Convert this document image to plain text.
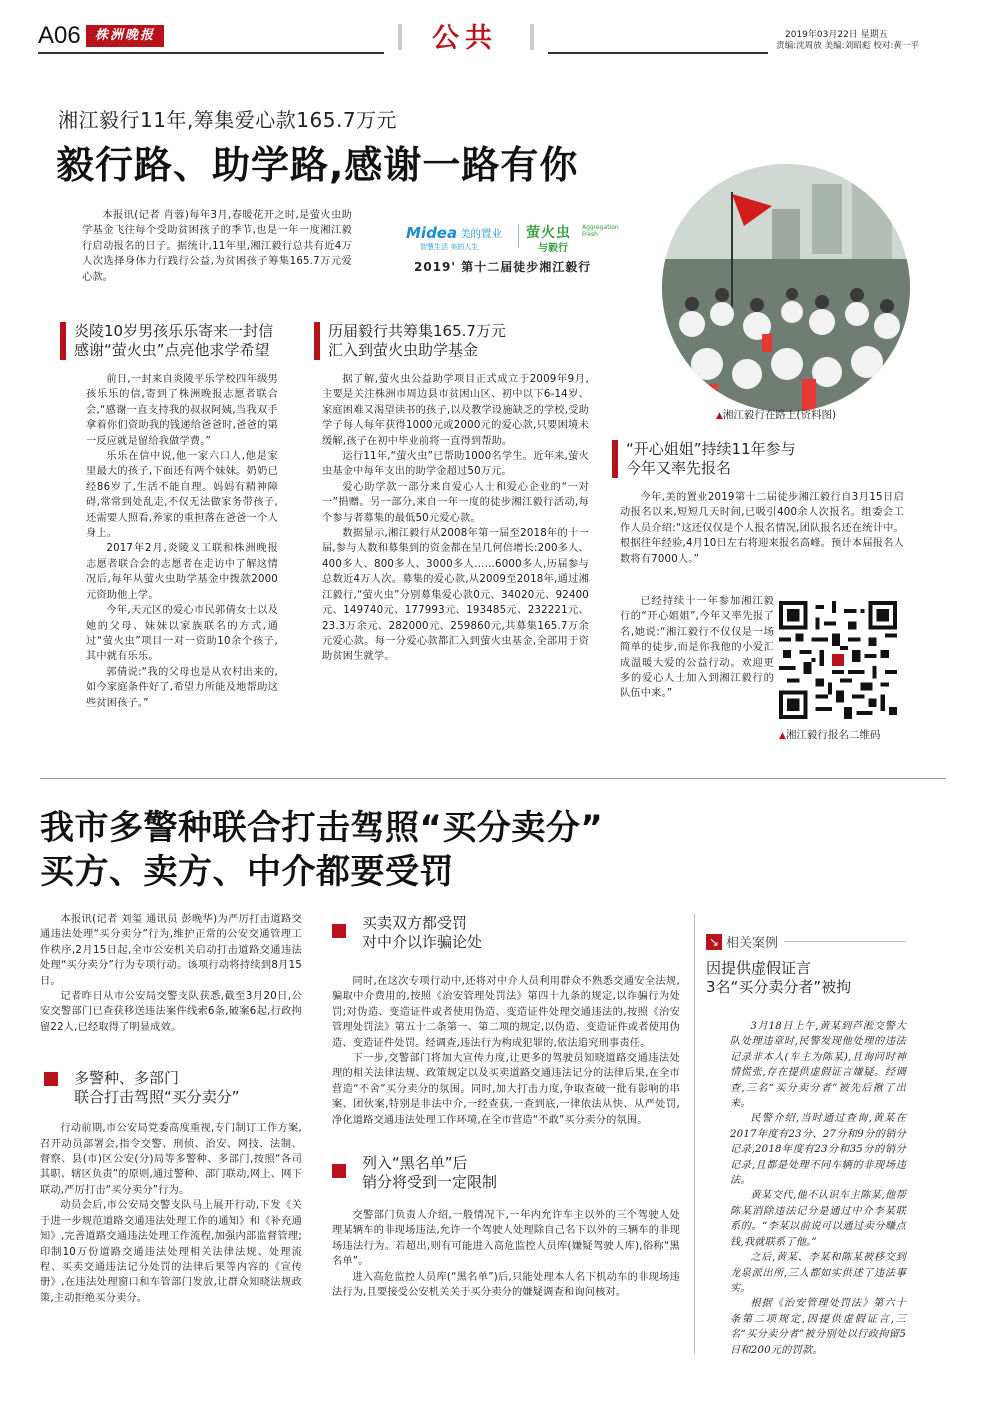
A06	株洲晚报	公共	2019年03月22日 星期五
责编:沈周放 美编:刘昭彪 校对:黄一平
湘江毅行11年,筹集爱心款165.7万元
毅行路、助学路,感谢一路有你

本报讯(记者 肖蓉)每年3月,春暖花开之时,是萤火虫助学基金飞往每个受助贫困孩子的季节,也是一年一度湘江毅行启动报名的日子。据统计,11年里,湘江毅行总共有近4万人次选择身体力行践行公益,为贫困孩子筹集165.7万元爱心款。

Midea 美的置业
智慧生活 美的人生
萤火虫
与毅行
Aggregation Fresh
2019' 第十二届徒步湘江毅行
▲湘江毅行在路上(资料图)
炎陵10岁男孩乐乐寄来一封信
感谢“萤火虫”点亮他求学希望

前日,一封来自炎陵平乐学校四年级男孩乐乐的信,寄到了株洲晚报志愿者联合会,“感谢一直支持我的叔叔阿姨,当我双手拿着你们资助我的钱递给爸爸时,爸爸的第一反应就是留给我做学费。”

乐乐在信中说,他一家六口人,他是家里最大的孩子,下面还有两个妹妹。奶奶已经86岁了,生活不能自理。妈妈有精神障碍,常常到处乱走,不仅无法做家务带孩子,还需要人照看,养家的重担落在爸爸一个人身上。

2017年2月,炎陵义工联和株洲晚报志愿者联合会的志愿者在走访中了解这情况后,每年从萤火虫助学基金中拨款2000元资助他上学。

今年,天元区的爱心市民郭倩女士以及她的父母、妹妹以家族联名的方式,通过“萤火虫”项目一对一资助10余个孩子,其中就有乐乐。

郭倩说:“我的父母也是从农村出来的,如今家庭条件好了,希望力所能及地帮助这些贫困孩子。”

历届毅行共筹集165.7万元
汇入到萤火虫助学基金

据了解,萤火虫公益助学项目正式成立于2009年9月,主要是关注株洲市周边县市贫困山区、初中以下6-14岁、家庭困难又渴望读书的孩子,以及教学设施缺乏的学校,受助学子每人每年获得1000元或2000元的爱心款,只要困境未缓解,孩子在初中毕业前将一直得到帮助。

运行11年,“萤火虫”已帮助1000名学生。近年来,萤火虫基金中每年支出的助学金超过50万元。

爱心助学款一部分来自爱心人士和爱心企业的“一对一”捐赠。另一部分,来自一年一度的徒步湘江毅行活动,每个参与者募集的最低50元爱心款。

数据显示,湘江毅行从2008年第一届至2018年的十一届,参与人数和募集到的资金都在呈几何倍增长:200多人、400多人、800多人、3000多人……6000多人,历届参与总数近4万人次。募集的爱心款,从2009至2018年,通过湘江毅行,“萤火虫”分别募集爱心款0元、34020元、92400元、149740元、177993元、193485元、232221元、23.3万余元、282000元、259860元,共募集165.7万余元爱心款。每一分爱心款都汇入到萤火虫基金,全部用于资助贫困生就学。

“开心姐姐”持续11年参与
今年又率先报名

今年,美的置业2019第十二届徒步湘江毅行自3月15日启动报名以来,短短几天时间,已吸引400余人次报名。组委会工作人员介绍:“这还仅仅是个人报名情况,团队报名还在统计中。根据往年经验,4月10日左右将迎来报名高峰。预计本届报名人数将有7000人。”

已经持续十一年参加湘江毅行的“开心姐姐”,今年又率先报了名,她说:“湘江毅行不仅仅是一场简单的徒步,而是你我他的小爱汇成温暖大爱的公益行动。欢迎更多的爱心人士加入到湘江毅行的队伍中来。”

▲湘江毅行报名二维码
我市多警种联合打击驾照“买分卖分”
买方、卖方、中介都要受罚

本报讯(记者 刘玺 通讯员 彭晚华)为严厉打击道路交通违法处理“买分卖分”行为,维护正常的公安交通管理工作秩序,2月15日起,全市公安机关启动打击道路交通违法处理“买分卖分”行为专项行动。该项行动将持续到8月15日。

记者昨日从市公安局交警支队获悉,截至3月20日,公安交警部门已查获移送违法案件线索6条,破案6起,行政拘留22人,已经取得了明显成效。

多警种、多部门
联合打击驾照“买分卖分”

行动前期,市公安局党委高度重视,专门制订工作方案,召开动员部署会,指令交警、刑侦、治安、网技、法制、督察、县(市)区公安(分)局等多警种、多部门,按照“各司其职、辖区负责”的原则,通过警种、部门联动,网上、网下联动,严厉打击“买分卖分”行为。

动员会后,市公安局交警支队马上展开行动,下发《关于进一步规范道路交通违法处理工作的通知》和《补充通知》,完善道路交通违法处理工作流程,加强内部监督管理;印制10万份道路交通违法处理相关法律法规、处理流程、买卖交通违法记分处罚的法律后果等内容的《宣传册》,在违法处理窗口和车管部门发放,让群众知晓法规政策,主动拒绝买分卖分。

买卖双方都受罚
对中介以诈骗论处

同时,在这次专项行动中,还将对中介人员利用群众不熟悉交通安全法规,骗取中介费用的,按照《治安管理处罚法》第四十九条的规定,以诈骗行为处罚;对伪造、变造证件或者使用伪造、变造证件处理交通违法的,按照《治安管理处罚法》第五十二条第一、第二项的规定,以伪造、变造证件或者使用伪造、变造证件处罚。经调查,违法行为构成犯罪的,依法追究刑事责任。

下一步,交警部门将加大宣传力度,让更多的驾驶员知晓道路交通违法处理的相关法律法规、政策规定以及买卖道路交通违法记分的法律后果,在全市营造“不舍”买分卖分的氛围。同时,加大打击力度,争取查破一批有影响的串案、团伙案,特别是非法中介,一经查获,一查到底,一律依法从快、从严处罚,净化道路交通违法处理工作环境,在全市营造“不敢”买分卖分的氛围。

列入“黑名单”后
销分将受到一定限制

交警部门负责人介绍,一般情况下,一年内允许车主以外的三个驾驶人处理某辆车的非现场违法,允许一个驾驶人处理除自己名下以外的三辆车的非现场违法行为。若超出,则有可能进入高危监控人员库(嫌疑驾驶人库),俗称“黑名单”。

进入高危监控人员库(“黑名单”)后,只能处理本人名下机动车的非现场违法行为,且要接受公安机关关于买分卖分的嫌疑调查和询问核对。

↘ 相关案例
因提供虚假证言
3名“买分卖分者”被拘

3月18日上午,黄某到芦淞交警大队处理违章时,民警发现他处理的违法记录非本人(车主为陈某),且询问时神情慌张,存在提供虚假证言嫌疑。经调查,三名“买分卖分者”被先后揪了出来。

民警介绍,当时通过查询,黄某在2017年度有23分、27分和9分的销分记录,2018年度有23分和35分的销分记录,且都是处理不同车辆的非现场违法。

黄某交代,他不认识车主陈某,他帮陈某消除违法记分是通过中介李某联系的。“李某以前说可以通过卖分赚点钱,我就联系了他。”

之后,黄某、李某和陈某被移交到龙泉派出所,三人都如实供述了违法事实。

根据《治安管理处罚法》第六十条第二项规定,因提供虚假证言,三名“买分卖分者”被分别处以行政拘留5日和200元的罚款。
